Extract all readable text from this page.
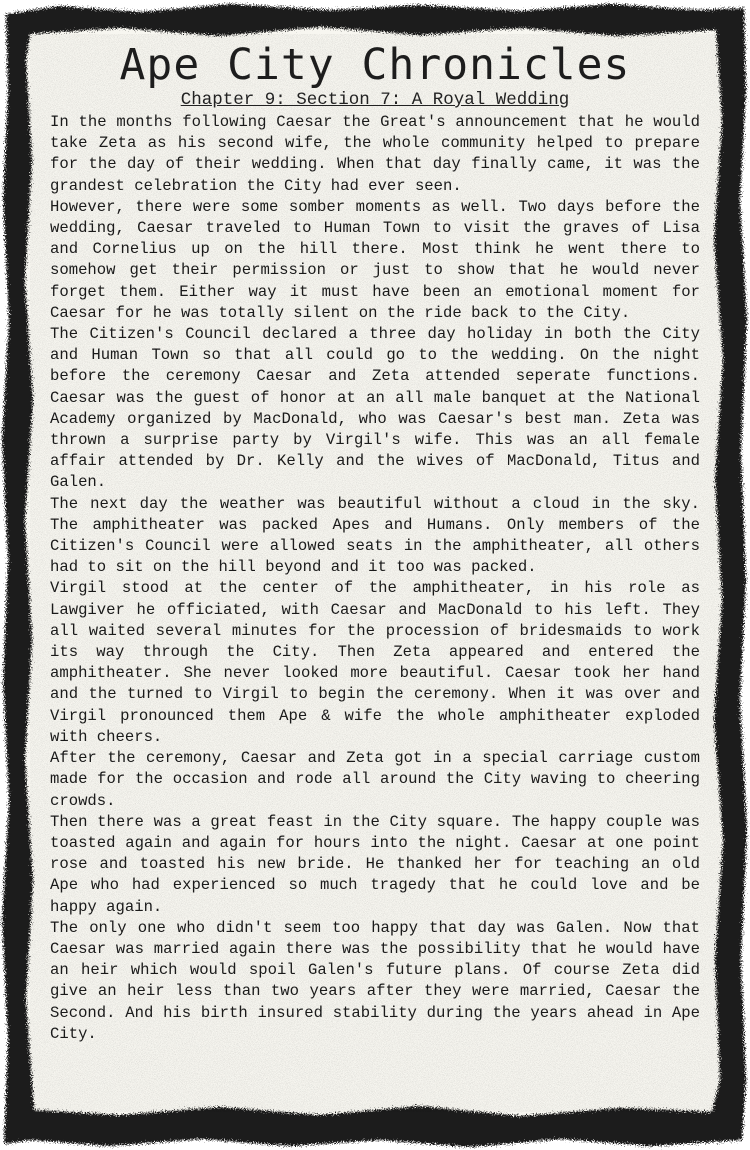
Ape City Chronicles
Chapter 9: Section 7: A Royal Wedding

In the months following Caesar the Great's announcement that he would take Zeta as his second wife, the whole community helped to prepare for the day of their wedding. When that day finally came, it was the grandest celebration the City had ever seen.

However, there were some somber moments as well. Two days before the wedding, Caesar traveled to Human Town to visit the graves of Lisa and Cornelius up on the hill there. Most think he went there to somehow get their permission or just to show that he would never forget them. Either way it must have been an emotional moment for Caesar for he was totally silent on the ride back to the City.

The Citizen's Council declared a three day holiday in both the City and Human Town so that all could go to the wedding. On the night before the ceremony Caesar and Zeta attended seperate functions. Caesar was the guest of honor at an all male banquet at the National Academy organized by MacDonald, who was Caesar's best man. Zeta was thrown a surprise party by Virgil's wife. This was an all female affair attended by Dr. Kelly and the wives of MacDonald, Titus and Galen.

The next day the weather was beautiful without a cloud in the sky. The amphitheater was packed Apes and Humans. Only members of the Citizen's Council were allowed seats in the amphitheater, all others had to sit on the hill beyond and it too was packed.

Virgil stood at the center of the amphitheater, in his role as Lawgiver he officiated, with Caesar and MacDonald to his left. They all waited several minutes for the procession of bridesmaids to work its way through the City. Then Zeta appeared and entered the amphitheater. She never looked more beautiful. Caesar took her hand and the turned to Virgil to begin the ceremony. When it was over and Virgil pronounced them Ape & wife the whole amphitheater exploded with cheers.

After the ceremony, Caesar and Zeta got in a special carriage custom made for the occasion and rode all around the City waving to cheering crowds.

Then there was a great feast in the City square. The happy couple was toasted again and again for hours into the night. Caesar at one point rose and toasted his new bride. He thanked her for teaching an old Ape who had experienced so much tragedy that he could love and be happy again.

The only one who didn't seem too happy that day was Galen. Now that Caesar was married again there was the possibility that he would have an heir which would spoil Galen's future plans. Of course Zeta did give an heir less than two years after they were married, Caesar the Second. And his birth insured stability during the years ahead in Ape City.
